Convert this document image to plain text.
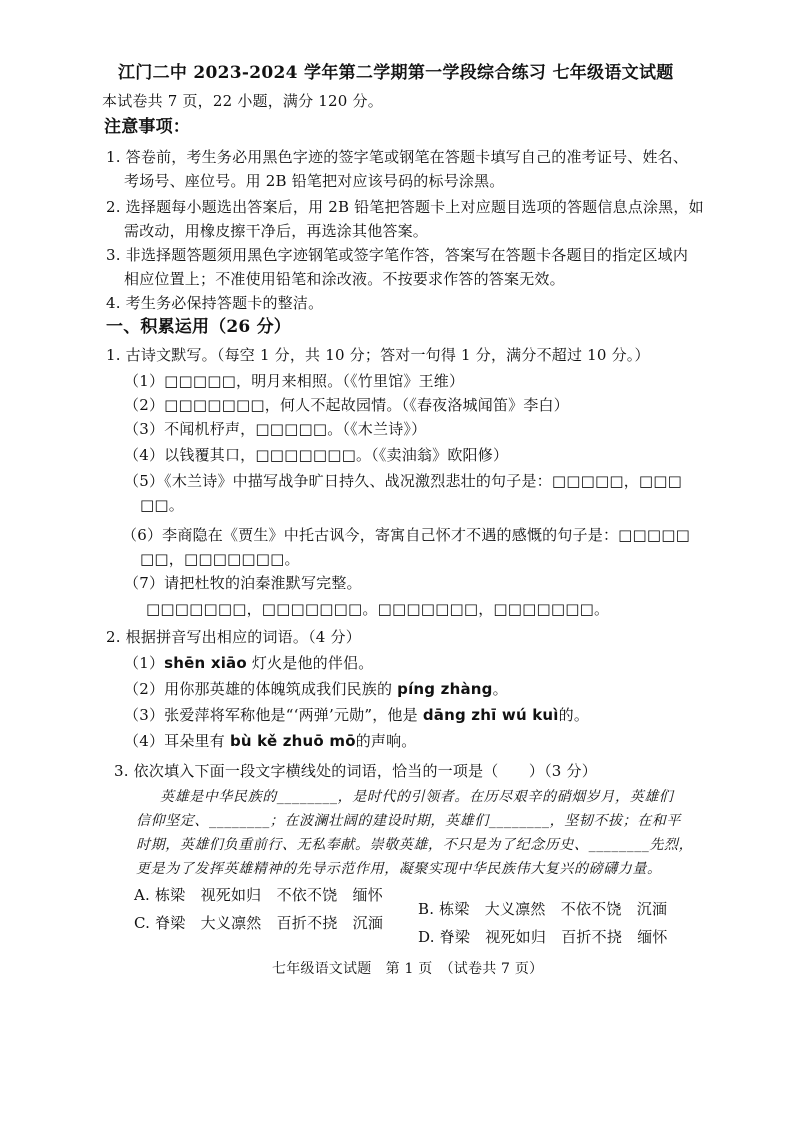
江门二中 2023-2024 学年第二学期第一学段综合练习 七年级语文试题
本试卷共 7 页，22 小题，满分 120 分。
注意事项：
1. 答卷前，考生务必用黑色字迹的签字笔或钢笔在答题卡填写自己的准考证号、姓名、
考场号、座位号。用 2B 铅笔把对应该号码的标号涂黑。
2. 选择题每小题选出答案后，用 2B 铅笔把答题卡上对应题目选项的答题信息点涂黑，如
需改动，用橡皮擦干净后，再选涂其他答案。
3. 非选择题答题须用黑色字迹钢笔或签字笔作答，答案写在答题卡各题目的指定区域内
相应位置上；不准使用铅笔和涂改液。不按要求作答的答案无效。
4. 考生务必保持答题卡的整洁。
一、积累运用（26 分）
1. 古诗文默写。（每空 1 分，共 10 分；答对一句得 1 分，满分不超过 10 分。）
（1）□□□□□，明月来相照。（《竹里馆》王维）
（2）□□□□□□□，何人不起故园情。（《春夜洛城闻笛》李白）
（3）不闻机杼声，□□□□□。（《木兰诗》）
（4）以钱覆其口，□□□□□□□。（《卖油翁》欧阳修）
（5）《木兰诗》中描写战争旷日持久、战况激烈悲壮的句子是：□□□□□，□□□
□□。
（6）李商隐在《贾生》中托古讽今，寄寓自己怀才不遇的感慨的句子是：□□□□□
□□，□□□□□□□。
（7）请把杜牧的泊秦淮默写完整。
□□□□□□□，□□□□□□□。□□□□□□□，□□□□□□□。
2. 根据拼音写出相应的词语。（4 分）
（1）shēn xiāo 灯火是他的伴侣。
（2）用你那英雄的体魄筑成我们民族的 píng zhàng。
（3）张爱萍将军称他是“‘两弹’元勋”，他是 dāng zhī wú kuì的。
（4）耳朵里有 bù kě zhuō mō的声响。
3. 依次填入下面一段文字横线处的词语，恰当的一项是（　　）（3 分）
英雄是中华民族的________，是时代的引领者。在历尽艰辛的硝烟岁月，英雄们
信仰坚定、________；在波澜壮阔的建设时期，英雄们________，坚韧不拔；在和平
时期，英雄们负重前行、无私奉献。崇敬英雄，不只是为了纪念历史、________先烈，
更是为了发挥英雄精神的先导示范作用，凝聚实现中华民族伟大复兴的磅礴力量。
A. 栋梁　视死如归　不依不饶　缅怀
B. 栋梁　大义凛然　不依不饶　沉湎
C. 脊梁　大义凛然　百折不挠　沉湎
D. 脊梁　视死如归　百折不挠　缅怀
七年级语文试题　第 1 页　（试卷共 7 页）
